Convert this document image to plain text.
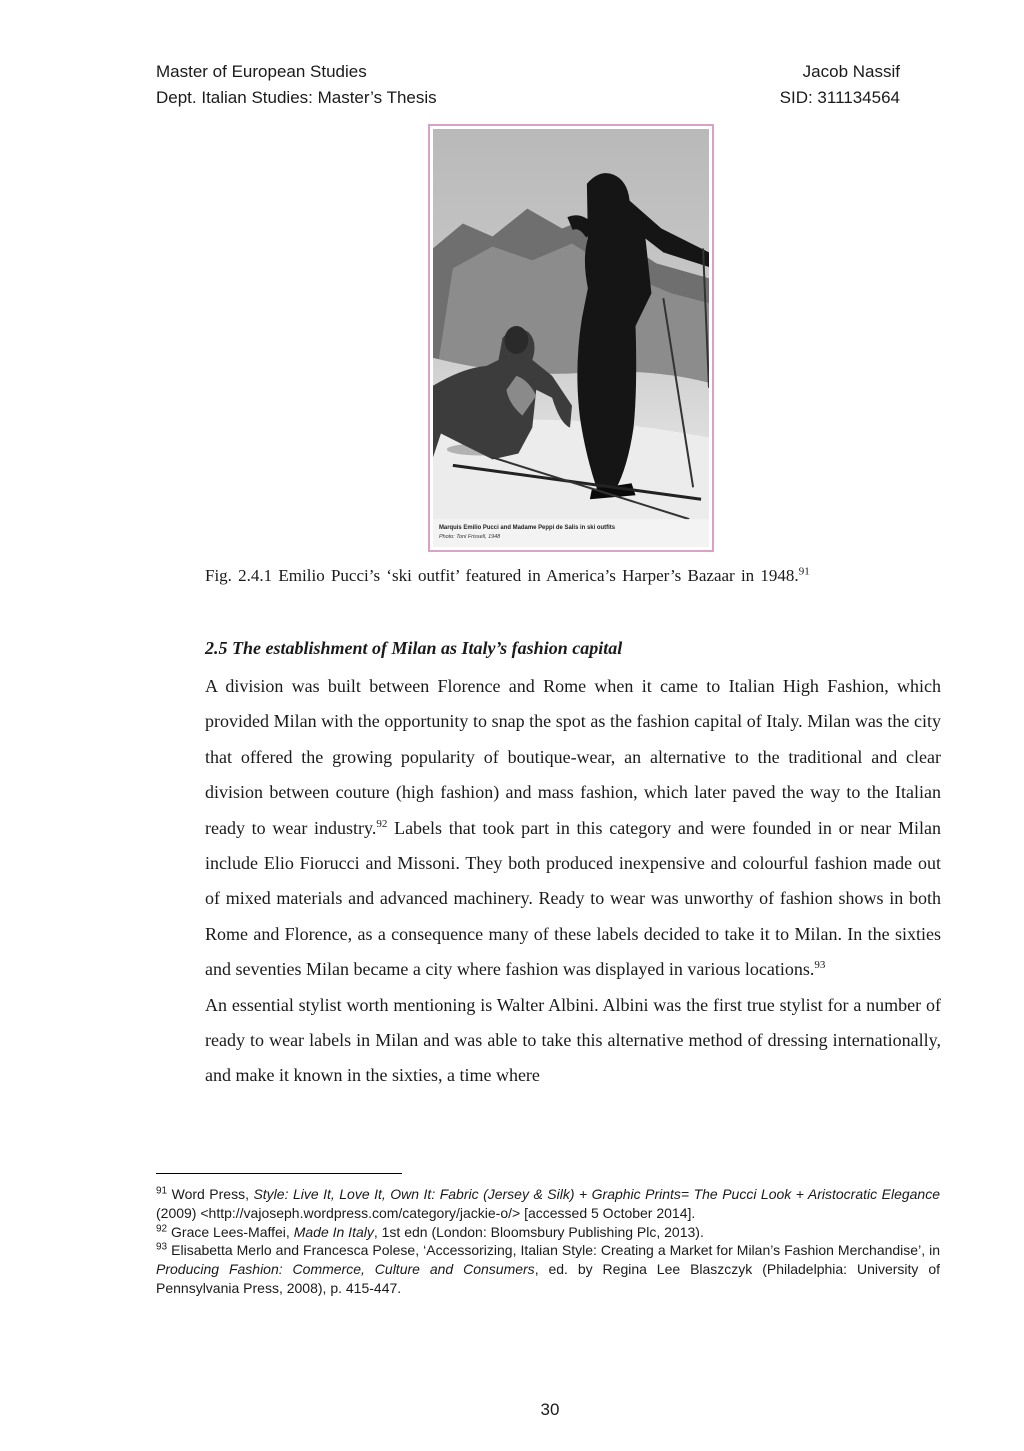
Master of European Studies	Jacob Nassif
Dept. Italian Studies: Master’s Thesis	SID: 311134564
Marquis Emilio Pucci and Madame Peppi de Salis in ski outfits
Photo: Toni Frissell, 1948
Fig. 2.4.1 Emilio Pucci’s ‘ski outfit’ featured in America’s Harper’s Bazaar in 1948.91
2.5 The establishment of Milan as Italy’s fashion capital

A division was built between Florence and Rome when it came to Italian High Fashion, which provided Milan with the opportunity to snap the spot as the fashion capital of Italy. Milan was the city that offered the growing popularity of boutique-wear, an alternative to the traditional and clear division between couture (high fashion) and mass fashion, which later paved the way to the Italian ready to wear industry.$^{92}$ Labels that took part in this category and were founded in or near Milan include Elio Fiorucci and Missoni. They both produced inexpensive and colourful fashion made out of mixed materials and advanced machinery. Ready to wear was unworthy of fashion shows in both Rome and Florence, as a consequence many of these labels decided to take it to Milan. In the sixties and seventies Milan became a city where fashion was displayed in various locations.$^{93}$

An essential stylist worth mentioning is Walter Albini. Albini was the first true stylist for a number of ready to wear labels in Milan and was able to take this alternative method of dressing internationally, and make it known in the sixties, a time where

$^{91}$ Word Press, Style: Live It, Love It, Own It: Fabric (Jersey & Silk) + Graphic Prints= The Pucci Look + Aristocratic Elegance (2009) <http://vajoseph.wordpress.com/category/jackie-o/> [accessed 5 October 2014].

$^{92}$ Grace Lees-Maffei, Made In Italy, 1st edn (London: Bloomsbury Publishing Plc, 2013).

$^{93}$ Elisabetta Merlo and Francesca Polese, ‘Accessorizing, Italian Style: Creating a Market for Milan’s Fashion Merchandise’, in Producing Fashion: Commerce, Culture and Consumers, ed. by Regina Lee Blaszczyk (Philadelphia: University of Pennsylvania Press, 2008), p. 415-447.

30
